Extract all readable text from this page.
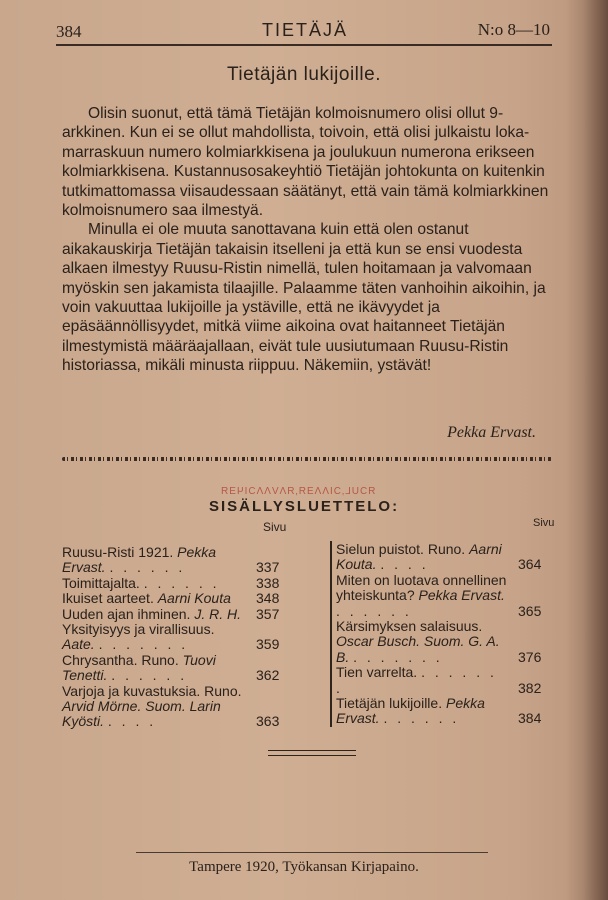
384	TIETÄJÄ	N:o 8—10
Tietäjän lukijoille.

Olisin suonut, että tämä Tietäjän kolmoisnumero olisi ollut 9-arkkinen. Kun ei se ollut mahdollista, toivoin, että olisi julkaistu loka-marraskuun numero kolmiarkkisena ja joulukuun numerona erikseen kolmiarkkisena. Kustannusosakeyhtiö Tietäjän johtokunta on kuitenkin tutkimattomassa viisaudessaan säätänyt, että vain tämä kolmiarkkinen kolmoisnumero saa ilmestyä.

Minulla ei ole muuta sanottavana kuin että olen ostanut aikakauskirja Tietäjän takaisin itselleni ja että kun se ensi vuodesta alkaen ilmestyy Ruusu-Ristin nimellä, tulen hoitamaan ja valvomaan myöskin sen jakamista tilaajille. Palaamme täten vanhoihin aikoihin, ja voin vakuuttaa lukijoille ja ystäville, että ne ikävyydet ja epäsäännöllisyydet, mitkä viime aikoina ovat haitanneet Tietäjän ilmestymistä määräajallaan, eivät tule uusiutumaan Ruusu-Ristin historiassa, mikäli minusta riippuu. Näkemiin, ystävät!

Pekka Ervast.
ЯƆUL‚ƆIΛΛƎЯ‚ЯΛVΛΛƆIЧƎЯ
SISÄLLYSLUETTELO:
Sivu	Sivu
Ruusu-Risti 1921. Pekka Ervast. . . . . . .	337
Toimittajalta. . . . . . .	338
Ikuiset aarteet. Aarni Kouta 348
Uuden ajan ihminen. J. R. H. 357
Yksityisyys ja virallisuus. Aate. . . . . . . .	359
Chrysantha. Runo. Tuovi Tenetti. . . . . . .	362
Varjoja ja kuvastuksia. Runo. Arvid Mörne. Suom. Larin Kyösti. . . . .	363
Sielun puistot. Runo. Aarni Kouta. . . . .	364
Miten on luotava onnellinen yhteiskunta? Pekka Ervast. . . . . . .	365
Kärsimyksen salaisuus. Oscar Busch. Suom. G. A. B. . . . . . . .	376
Tien varrelta. . . . . . . .	382
Tietäjän lukijoille. Pekka Ervast. . . . . . .	384
Tampere 1920, Työkansan Kirjapaino.
